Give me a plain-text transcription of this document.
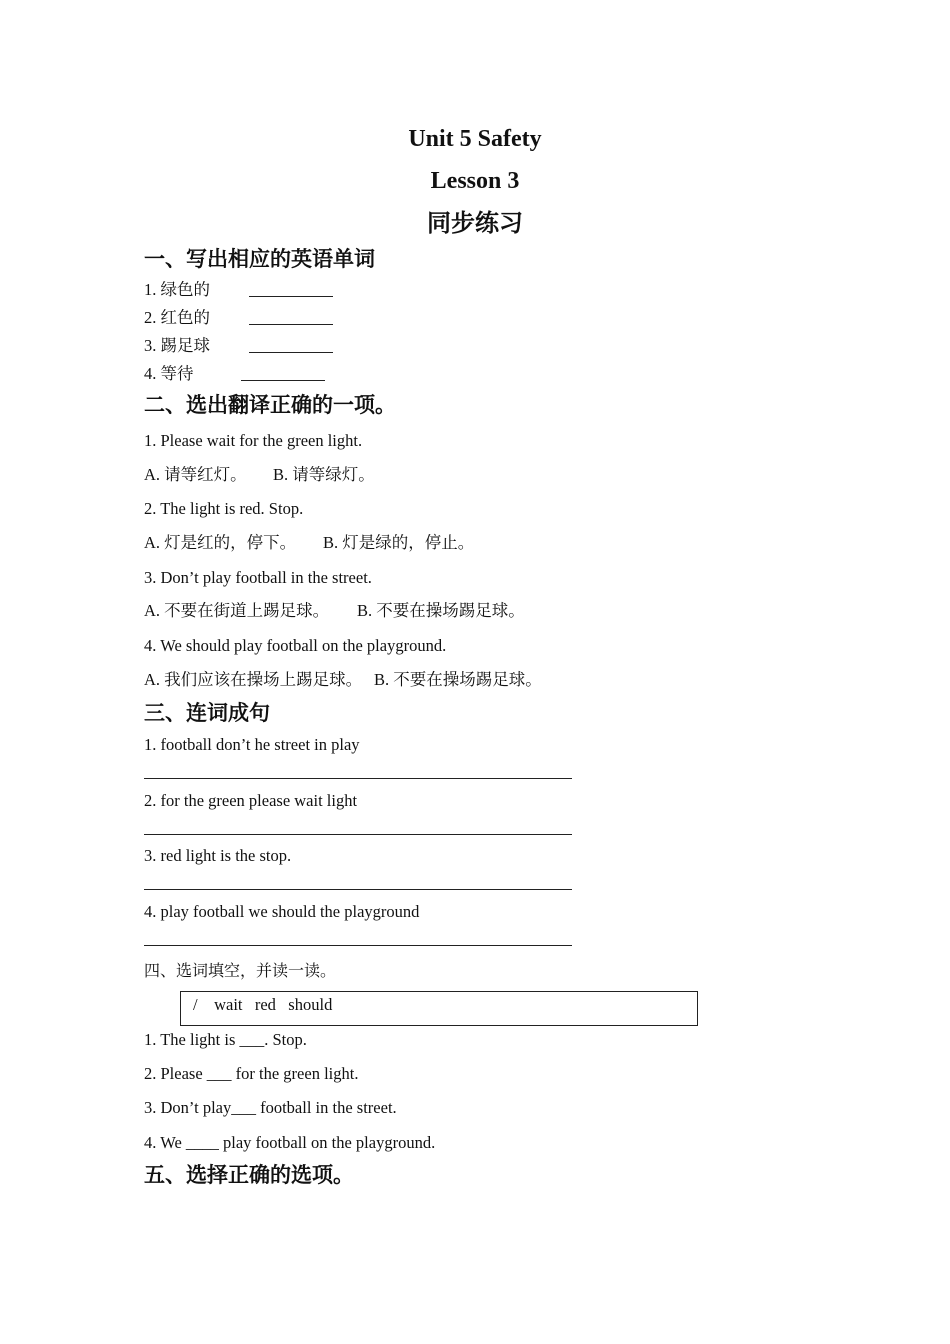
Unit 5 Safety
Lesson 3
同步练习
一、写出相应的英语单词
1. 绿色的
2. 红色的
3. 踢足球
4. 等待
二、选出翻译正确的一项。
1. Please wait for the green light.
A. 请等红灯。 B. 请等绿灯。
2. The light is red. Stop.
A. 灯是红的，停下。 B. 灯是绿的，停止。
3. Don’t play football in the street.
A. 不要在街道上踢足球。 B. 不要在操场踢足球。
4. We should play football on the playground.
A. 我们应该在操场上踢足球。 B. 不要在操场踢足球。
三、连词成句
1. football don’t he street in play
2. for the green please wait light
3. red light is the stop.
4. play football we should the playground
四、选词填空，并读一读。
/    wait   red   should
1. The light is ___. Stop.
2. Please ___ for the green light.
3. Don’t play___ football in the street.
4. We ____ play football on the playground.
五、选择正确的选项。
